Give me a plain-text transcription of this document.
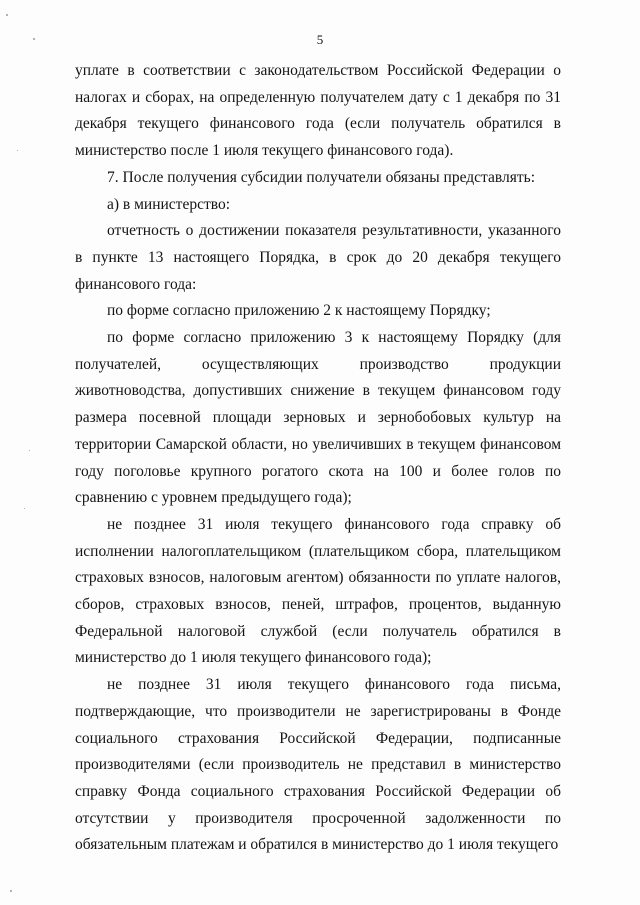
5

уплате в соответствии с законодательством Российской Федерации о налогах и сборах, на определенную получателем дату с 1 декабря по 31 декабря текущего финансового года (если получатель обратился в министерство после 1 июля текущего финансового года).

7. После получения субсидии получатели обязаны представлять:

а) в министерство:

отчетность о достижении показателя результативности, указанного в пункте 13 настоящего Порядка, в срок до 20 декабря текущего финансового года:

по форме согласно приложению 2 к настоящему Порядку;

по форме согласно приложению 3 к настоящему Порядку (для получателей, осуществляющих производство продукции животноводства, допустивших снижение в текущем финансовом году размера посевной площади зерновых и зернобобовых культур на территории Самарской области, но увеличивших в текущем финансовом году поголовье крупного рогатого скота на 100 и более голов по сравнению с уровнем предыдущего года);

не позднее 31 июля текущего финансового года справку об исполнении налогоплательщиком (плательщиком сбора, плательщиком страховых взносов, налоговым агентом) обязанности по уплате налогов, сборов, страховых взносов, пеней, штрафов, процентов, выданную Федеральной налоговой службой (если получатель обратился в министерство до 1 июля текущего финансового года);

не позднее 31 июля текущего финансового года письма, подтверждающие, что производители не зарегистрированы в Фонде социального страхования Российской Федерации, подписанные производителями (если производитель не представил в министерство справку Фонда социального страхования Российской Федерации об отсутствии у производителя просроченной задолженности по обязательным платежам и обратился в министерство до 1 июля текущего
